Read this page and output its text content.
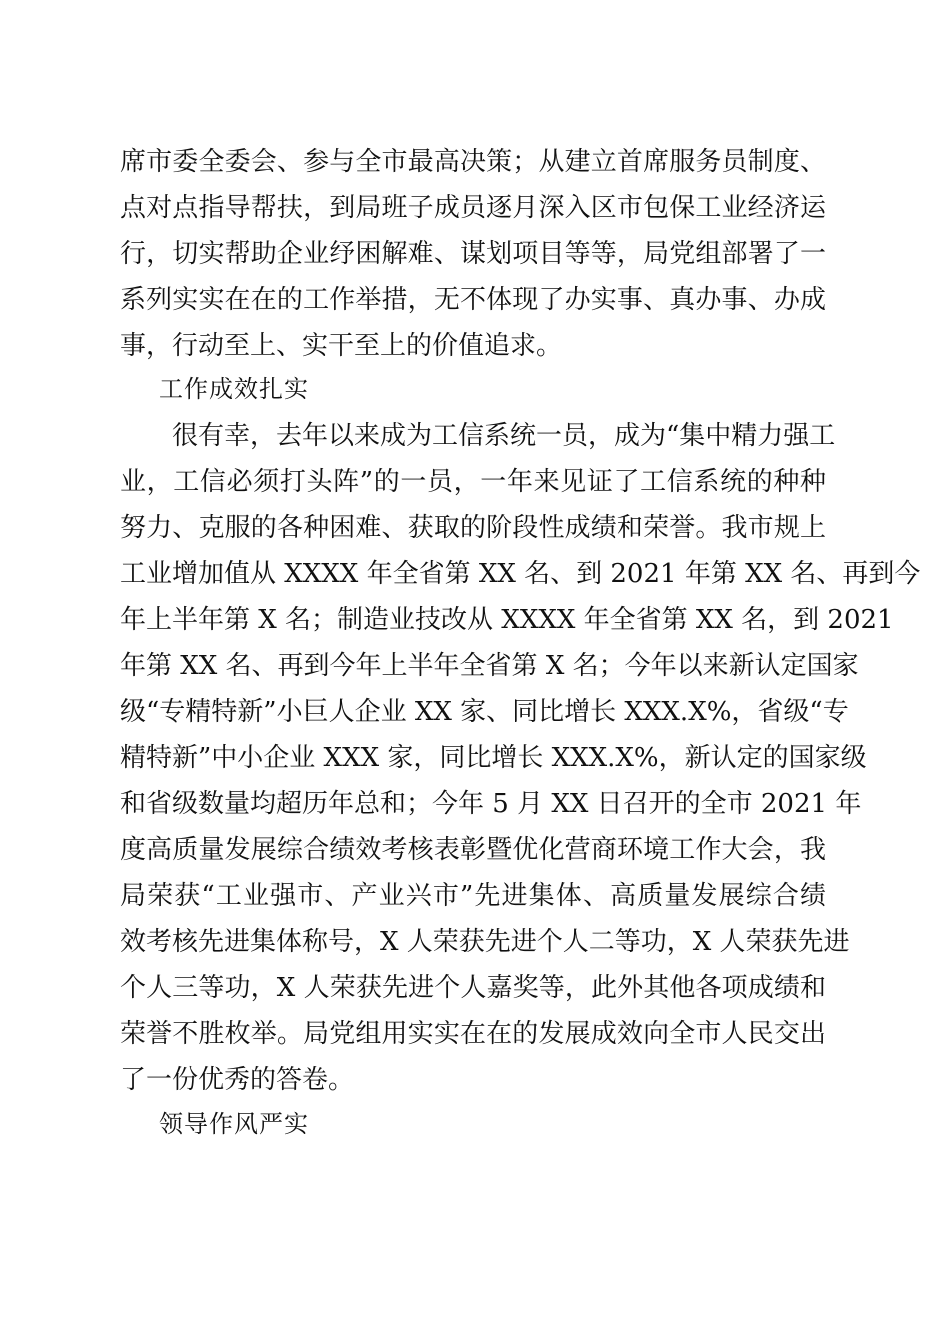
席市委全委会、参与全市最高决策；从建立首席服务员制度、
点对点指导帮扶，到局班子成员逐月深入区市包保工业经济运
行，切实帮助企业纾困解难、谋划项目等等，局党组部署了一
系列实实在在的工作举措，无不体现了办实事、真办事、办成
事，行动至上、实干至上的价值追求。
工作成效扎实
　　很有幸，去年以来成为工信系统一员，成为“集中精力强工
业，工信必须打头阵”的一员，一年来见证了工信系统的种种
努力、克服的各种困难、获取的阶段性成绩和荣誉。我市规上
工业增加值从 XXXX 年全省第 XX 名、到 2021 年第 XX 名、再到今
年上半年第 X 名；制造业技改从 XXXX 年全省第 XX 名，到 2021
年第 XX 名、再到今年上半年全省第 X 名；今年以来新认定国家
级“专精特新”小巨人企业 XX 家、同比增长 XXX.X%，省级“专
精特新”中小企业 XXX 家，同比增长 XXX.X%，新认定的国家级
和省级数量均超历年总和；今年 5 月 XX 日召开的全市 2021 年
度高质量发展综合绩效考核表彰暨优化营商环境工作大会，我
局荣获“工业强市、产业兴市”先进集体、高质量发展综合绩
效考核先进集体称号，X 人荣获先进个人二等功，X 人荣获先进
个人三等功，X 人荣获先进个人嘉奖等，此外其他各项成绩和
荣誉不胜枚举。局党组用实实在在的发展成效向全市人民交出
了一份优秀的答卷。
领导作风严实
